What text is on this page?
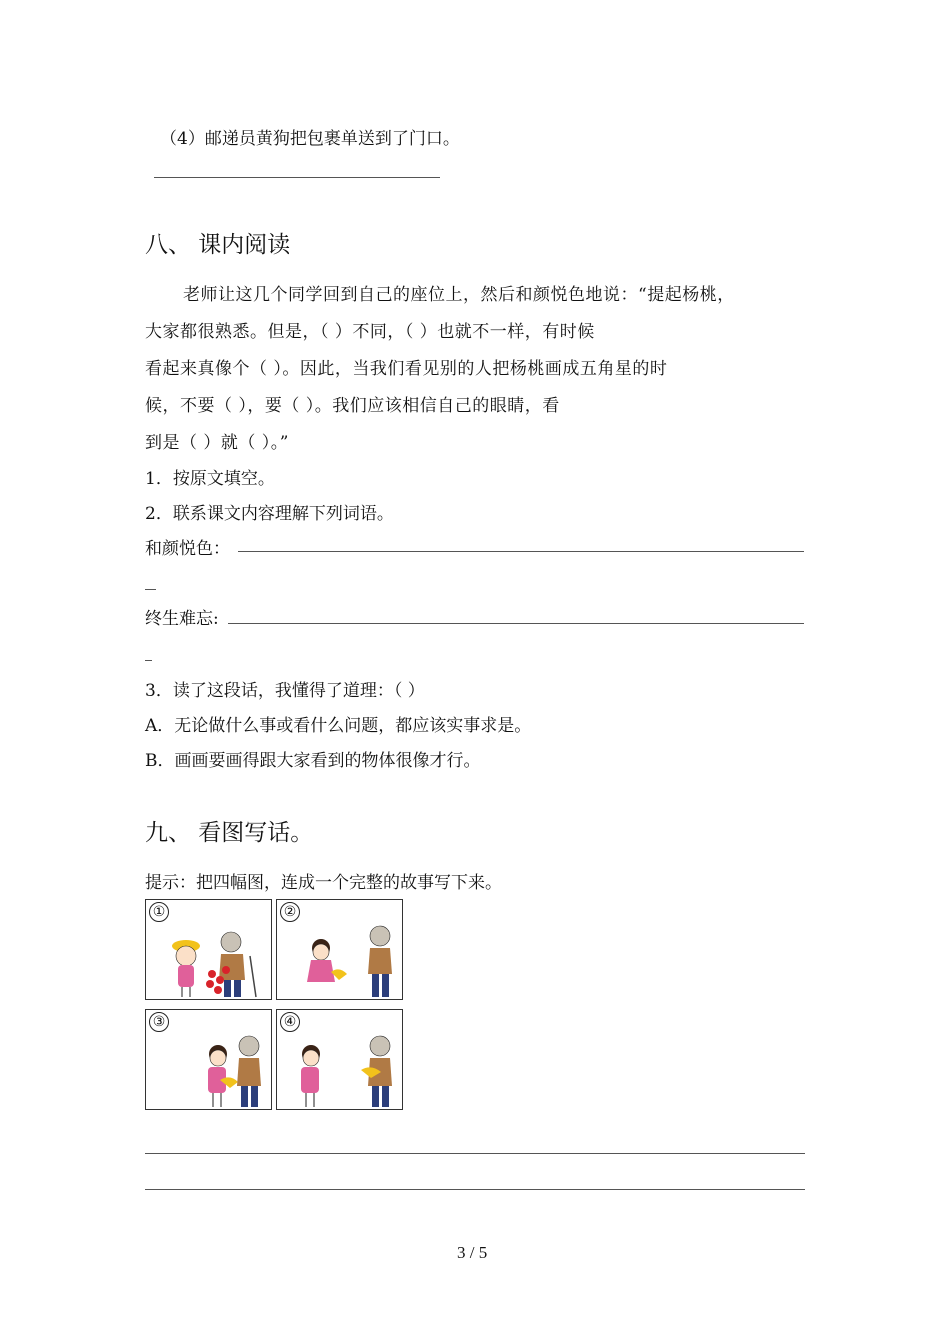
（4）邮递员黄狗把包裹单送到了门口。
八、 课内阅读
老师让这几个同学回到自己的座位上，然后和颜悦色地说：“提起杨桃，
大家都很熟悉。但是，（ ）不同，（ ）也就不一样，有时候
看起来真像个（ ）。因此，当我们看见别的人把杨桃画成五角星的时
候，不要（ ），要（ ）。我们应该相信自己的眼睛，看
到是（ ）就（ ）。”
1．按原文填空。
2．联系课文内容理解下列词语。
和颜悦色：
终生难忘:
3．读了这段话，我懂得了道理：（ ）
A．无论做什么事或看什么问题，都应该实事求是。
B．画画要画得跟大家看到的物体很像才行。
九、 看图写话。
提示：把四幅图，连成一个完整的故事写下来。
①	②
③	④
3 / 5
